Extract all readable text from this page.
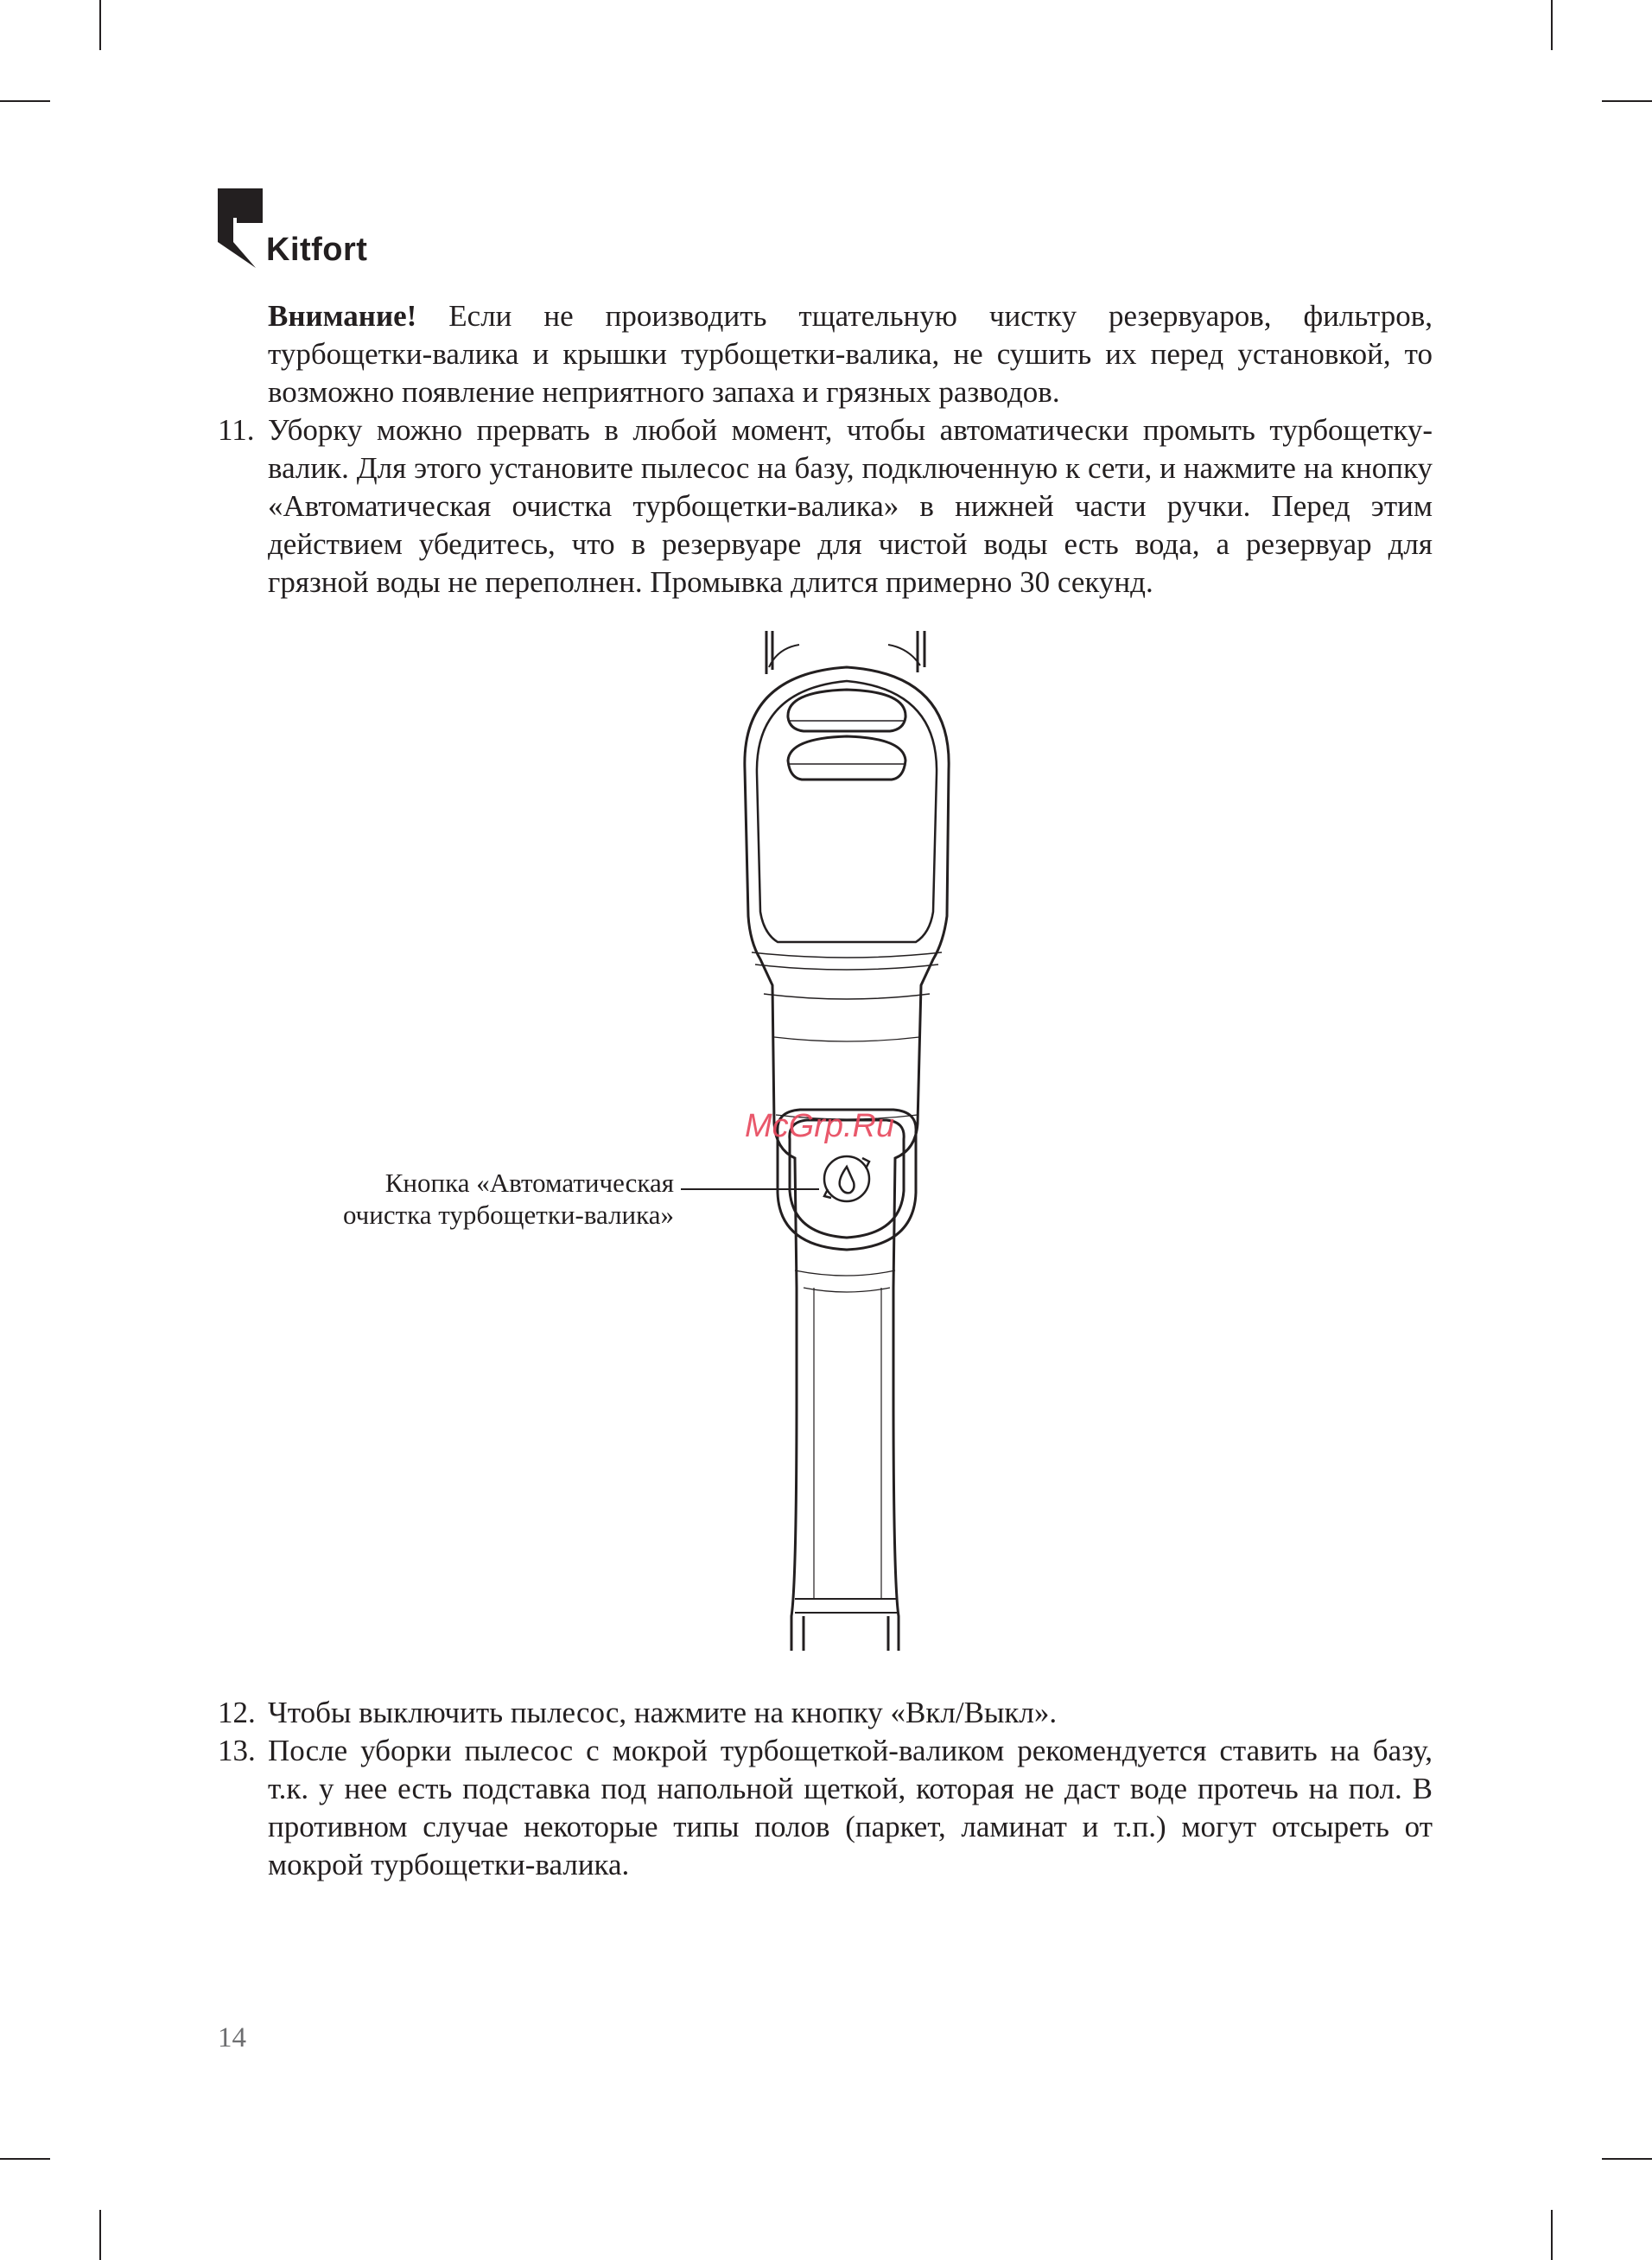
Kitfort
Внимание! Если не производить тщательную чистку резервуаров, фильтров, турбощетки-валика и крышки турбощетки-валика, не сушить их перед установкой, то возможно появление неприятного запаха и грязных разводов.
11. Уборку можно прервать в любой момент, чтобы автоматически промыть турбощетку-валик. Для этого установите пылесос на базу, подключенную к сети, и нажмите на кнопку «Автоматическая очистка турбощетки-валика» в нижней части ручки. Перед этим действием убедитесь, что в резервуаре для чистой воды есть вода, а резервуар для грязной воды не переполнен. Промывка длится примерно 30 секунд.
McGrp.Ru
Кнопка «Автоматическая
очистка турбощетки-валика»
12. Чтобы выключить пылесос, нажмите на кнопку «Вкл/Выкл».
13. После уборки пылесос с мокрой турбощеткой-валиком рекомендуется ставить на базу, т.к. у нее есть подставка под напольной щеткой, которая не даст воде протечь на пол. В противном случае некоторые типы полов (паркет, ламинат и т.п.) могут отсыреть от мокрой турбощетки-валика.
14
